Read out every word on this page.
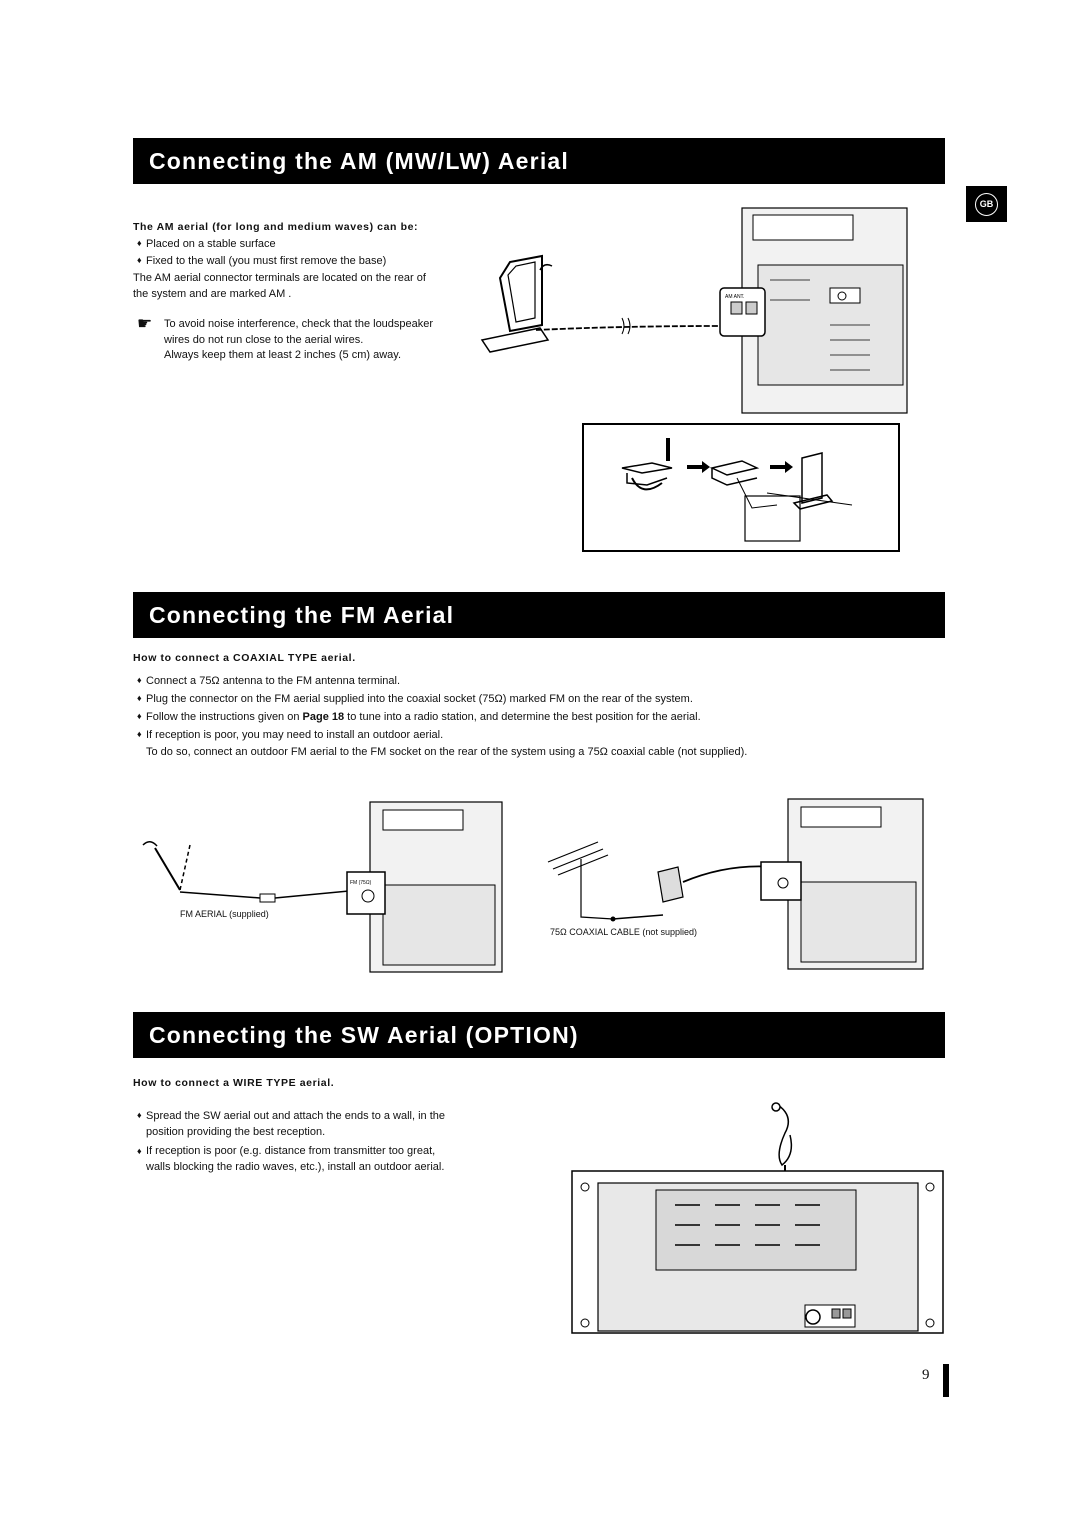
Connecting the AM (MW/LW) Aerial
GB
The AM aerial (for long and medium waves) can be:
♦ Placed on a stable surface
♦ Fixed to the wall (you must first remove the base)
The AM aerial connector terminals are located on the rear of
the system and are marked AM .
☛ To avoid noise interference, check that the loudspeaker
wires do not run close to the aerial wires.
Always keep them at least 2 inches (5 cm) away.
AM ANT.
Connecting the FM Aerial
How to connect a COAXIAL TYPE aerial.
♦ Connect a 75Ω antenna to the FM antenna terminal.
♦ Plug the connector on the FM aerial supplied into the coaxial socket (75Ω) marked FM on the rear of the system.
♦ Follow the instructions given on Page 18 to tune into a radio station, and determine the best position for the aerial.
♦ If reception is poor, you may need to install an outdoor aerial.
To do so, connect an outdoor FM aerial to the FM socket on the rear of the system using a 75Ω coaxial cable (not supplied).
FM (75Ω)
FM AERIAL (supplied)
75Ω COAXIAL CABLE (not supplied)
Connecting the SW Aerial (OPTION)
How to connect a WIRE TYPE aerial.
♦ Spread the SW aerial out and attach the ends to a wall, in the
position providing the best reception.
♦ If reception is poor (e.g. distance from transmitter too great,
walls blocking the radio waves, etc.), install an outdoor aerial.
9
